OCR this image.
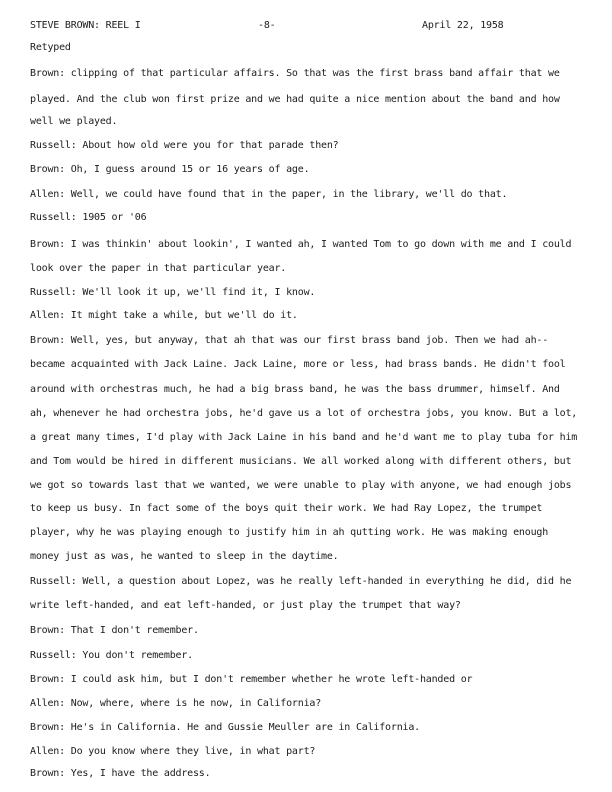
STEVE BROWN: REEL I	-8-	April 22, 1958
Retyped
Brown: clipping of that particular affairs. So that was the first brass band affair that we
played. And the club won first prize and we had quite a nice mention about the band and how
well we played.
Russell: About how old were you for that parade then?
Brown: Oh, I guess around 15 or 16 years of age.
Allen: Well, we could have found that in the paper, in the library, we'll do that.
Russell: 1905 or '06
Brown: I was thinkin' about lookin', I wanted ah, I wanted Tom to go down with me and I could
look over the paper in that particular year.
Russell: We'll look it up, we'll find it, I know.
Allen: It might take a while, but we'll do it.
Brown: Well, yes, but anyway, that ah that was our first brass band job. Then we had ah--
became acquainted with Jack Laine. Jack Laine, more or less, had brass bands. He didn't fool
around with orchestras much, he had a big brass band, he was the bass drummer, himself. And
ah, whenever he had orchestra jobs, he'd gave us a lot of orchestra jobs, you know. But a lot,
a great many times, I'd play with Jack Laine in his band and he'd want me to play tuba for him
and Tom would be hired in different musicians. We all worked along with different others, but
we got so towards last that we wanted, we were unable to play with anyone, we had enough jobs
to keep us busy. In fact some of the boys quit their work. We had Ray Lopez, the trumpet
player, why he was playing enough to justify him in ah qutting work. He was making enough
money just as was, he wanted to sleep in the daytime.
Russell: Well, a question about Lopez, was he really left-handed in everything he did, did he
write left-handed, and eat left-handed, or just play the trumpet that way?
Brown: That I don't remember.
Russell: You don't remember.
Brown: I could ask him, but I don't remember whether he wrote left-handed or
Allen: Now, where, where is he now, in California?
Brown: He's in California. He and Gussie Meuller are in California.
Allen: Do you know where they live, in what part?
Brown: Yes, I have the address.
